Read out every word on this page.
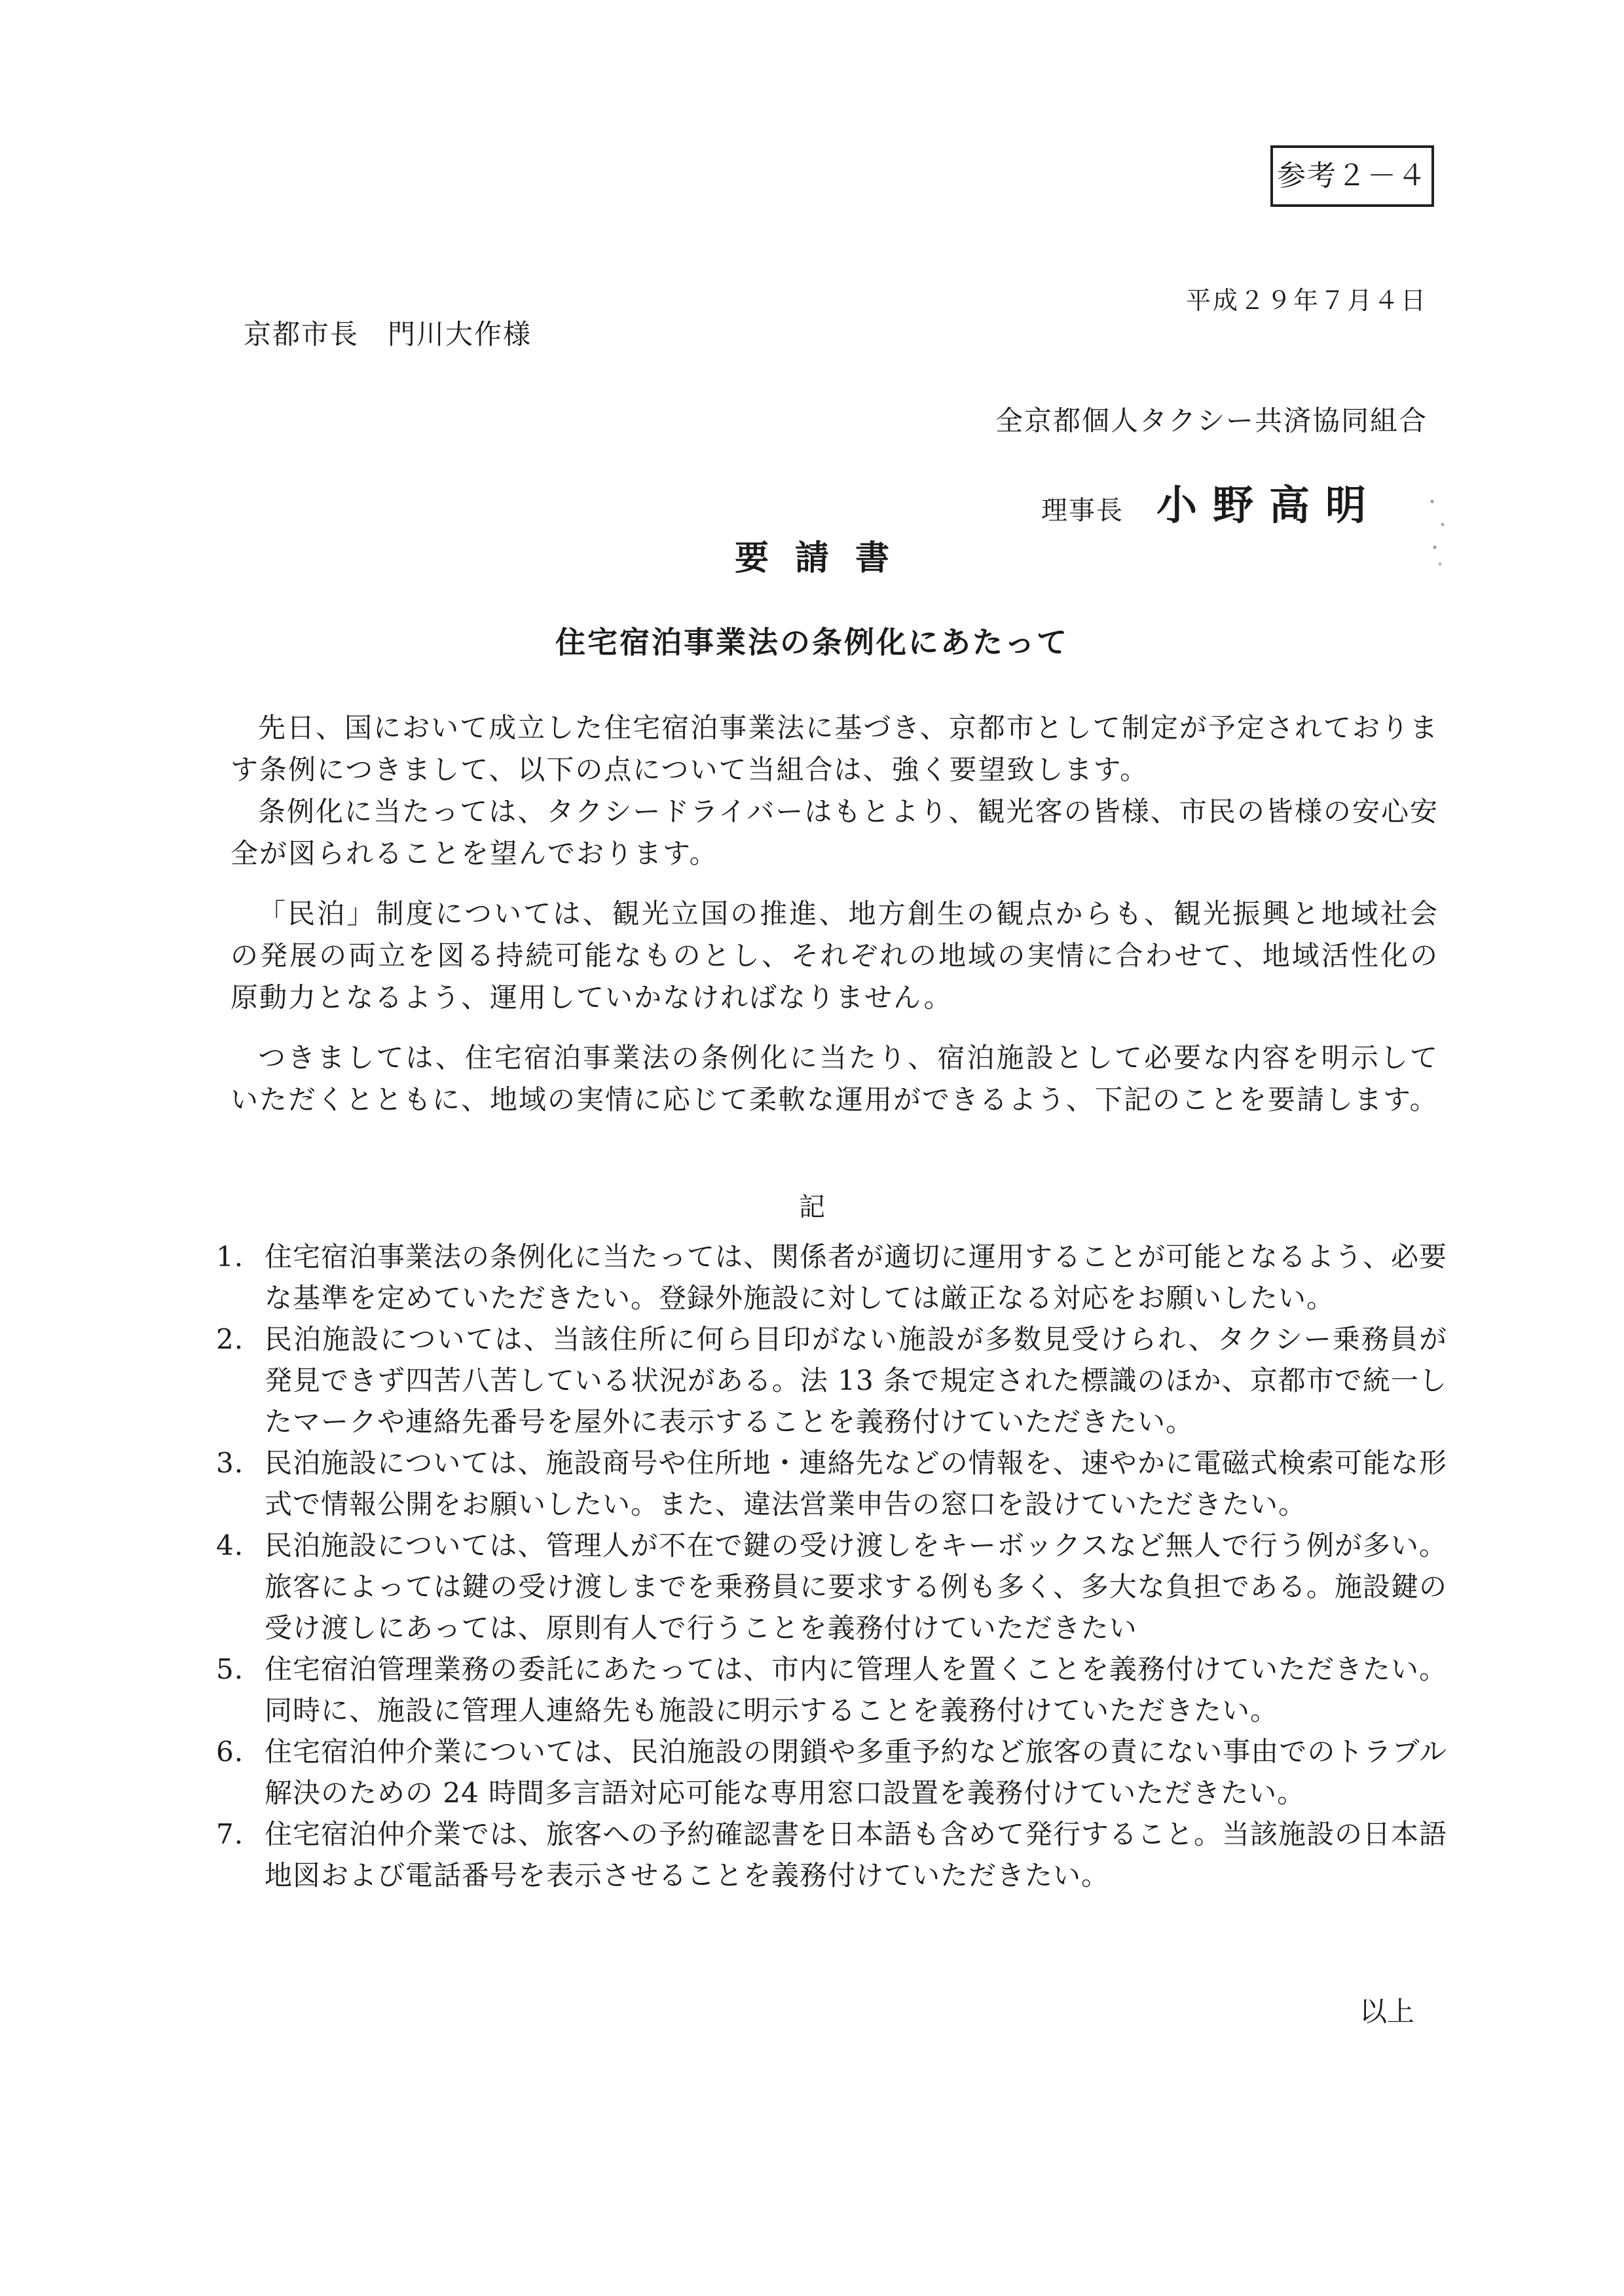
参考２－４
平成２９年７月４日
京都市長　門川大作様
全京都個人タクシー共済協同組合
理事長 小野高明
要請書
住宅宿泊事業法の条例化にあたって

先日、国において成立した住宅宿泊事業法に基づき、京都市として制定が予定されております条例につきまして、以下の点について当組合は、強く要望致します。

条例化に当たっては、タクシードライバーはもとより、観光客の皆様、市民の皆様の安心安全が図られることを望んでおります。

「民泊」制度については、観光立国の推進、地方創生の観点からも、観光振興と地域社会の発展の両立を図る持続可能なものとし、それぞれの地域の実情に合わせて、地域活性化の原動力となるよう、運用していかなければなりません。

つきましては、住宅宿泊事業法の条例化に当たり、宿泊施設として必要な内容を明示していただくとともに、地域の実情に応じて柔軟な運用ができるよう、下記のことを要請します。

記
1. 住宅宿泊事業法の条例化に当たっては、関係者が適切に運用することが可能となるよう、必要な基準を定めていただきたい。登録外施設に対しては厳正なる対応をお願いしたい。
2. 民泊施設については、当該住所に何ら目印がない施設が多数見受けられ、タクシー乗務員が発見できず四苦八苦している状況がある。法 13 条で規定された標識のほか、京都市で統一したマークや連絡先番号を屋外に表示することを義務付けていただきたい。
3. 民泊施設については、施設商号や住所地・連絡先などの情報を、速やかに電磁式検索可能な形式で情報公開をお願いしたい。また、違法営業申告の窓口を設けていただきたい。
4. 民泊施設については、管理人が不在で鍵の受け渡しをキーボックスなど無人で行う例が多い。旅客によっては鍵の受け渡しまでを乗務員に要求する例も多く、多大な負担である。施設鍵の受け渡しにあっては、原則有人で行うことを義務付けていただきたい
5. 住宅宿泊管理業務の委託にあたっては、市内に管理人を置くことを義務付けていただきたい。同時に、施設に管理人連絡先も施設に明示することを義務付けていただきたい。
6. 住宅宿泊仲介業については、民泊施設の閉鎖や多重予約など旅客の責にない事由でのトラブル解決のための 24 時間多言語対応可能な専用窓口設置を義務付けていただきたい。
7. 住宅宿泊仲介業では、旅客への予約確認書を日本語も含めて発行すること。当該施設の日本語地図および電話番号を表示させることを義務付けていただきたい。
以上
